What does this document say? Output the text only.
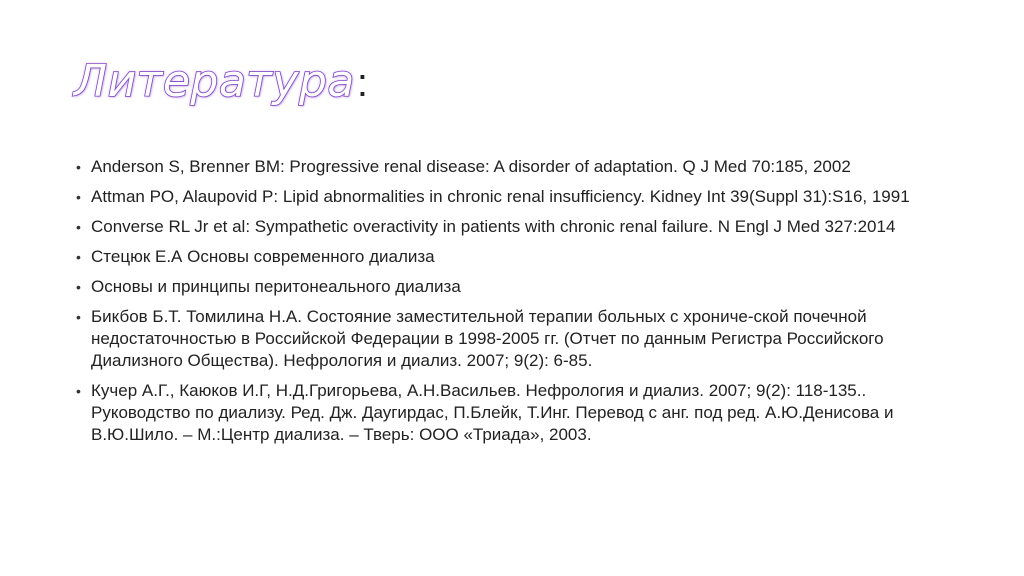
Литература:
• Anderson S, Brenner BM: Progressive renal disease: A disorder of adaptation. Q J Med 70:185, 2002
• Attman PO, Alaupovid P: Lipid abnormalities in chronic renal insufficiency. Kidney Int 39(Suppl 31):S16, 1991
• Converse RL Jr et al: Sympathetic overactivity in patients with chronic renal failure. N Engl J Med 327:2014
• Стецюк Е.А Основы современного диализа
• Основы и принципы перитонеального диализа
• Бикбов Б.Т. Томилина Н.А. Состояние заместительной терапии больных с хрониче-ской почечной недостаточностью в Российской Федерации в 1998-2005 гг. (Отчет по данным Регистра Российского Диализного Общества). Нефрология и диализ. 2007; 9(2): 6-85.
• Кучер А.Г., Каюков И.Г, Н.Д.Григорьева, А.Н.Васильев. Нефрология и диализ. 2007; 9(2): 118-135.. Руководство по диализу. Ред. Дж. Даугирдас, П.Блейк, Т.Инг. Перевод с анг. под ред. А.Ю.Денисова и В.Ю.Шило. – М.:Центр диализа. – Тверь: ООО «Триада», 2003.
